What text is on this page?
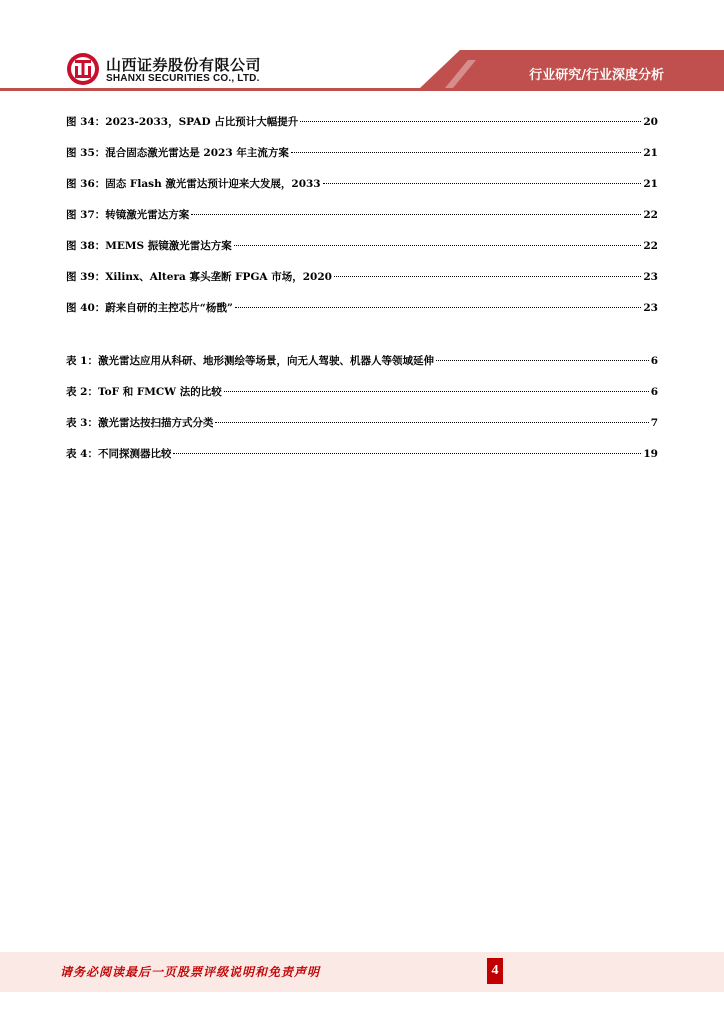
山西证券股份有限公司
SHANXI SECURITIES CO., LTD.	行业研究/行业深度分析
图 34： 2023-2033，SPAD 占比预计大幅提升	20
图 35： 混合固态激光雷达是 2023 年主流方案	21
图 36： 固态 Flash 激光雷达预计迎来大发展，2033	21
图 37： 转镜激光雷达方案	22
图 38： MEMS 振镜激光雷达方案	22
图 39： Xilinx、Altera 寡头垄断 FPGA 市场，2020	23
图 40： 蔚来自研的主控芯片“杨戬”	23
表 1： 激光雷达应用从科研、地形测绘等场景，向无人驾驶、机器人等领域延伸	6
表 2： ToF 和 FMCW 法的比较	6
表 3： 激光雷达按扫描方式分类	7
表 4： 不同探测器比较	19
请务必阅读最后一页股票评级说明和免责声明	4
